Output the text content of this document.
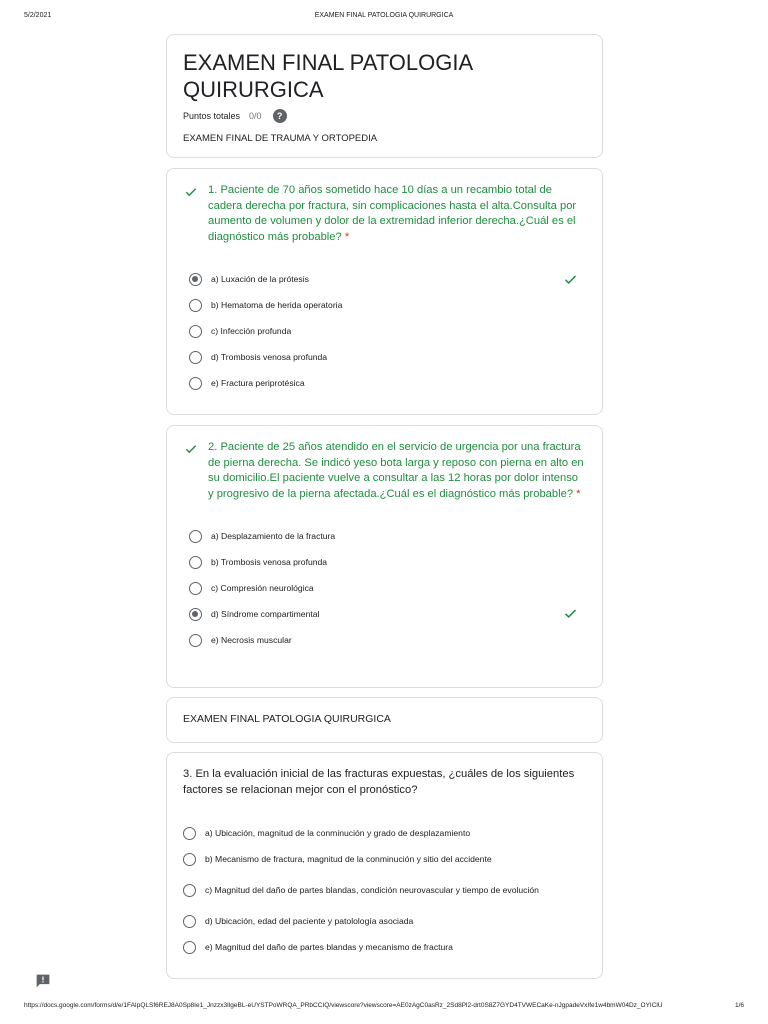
5/2/2021	EXAMEN FINAL PATOLOGIA QUIRURGICA
EXAMEN FINAL PATOLOGIA QUIRURGICA
Puntos totales 0/0	?
EXAMEN FINAL DE TRAUMA Y ORTOPEDIA
1. Paciente de 70 años sometido hace 10 días a un recambio total de cadera derecha por fractura, sin complicaciones hasta el alta.Consulta por aumento de volumen y dolor de la extremidad inferior derecha.¿Cuál es el diagnóstico más probable? *
a) Luxación de la prótesis
b) Hematoma de herida operatoria
c) Infección profunda
d) Trombosis venosa profunda
e) Fractura periprotésica
2. Paciente de 25 años atendido en el servicio de urgencia por una fractura de pierna derecha. Se indicó yeso bota larga y reposo con pierna en alto en su domicilio.El paciente vuelve a consultar a las 12 horas por dolor intenso y progresivo de la pierna afectada.¿Cuál es el diagnóstico más probable? *
a) Desplazamiento de la fractura
b) Trombosis venosa profunda
c) Compresión neurológica
d) Síndrome compartimental
e) Necrosis muscular
EXAMEN FINAL PATOLOGIA QUIRURGICA
3. En la evaluación inicial de las fracturas expuestas, ¿cuáles de los siguientes factores se relacionan mejor con el pronóstico?
a) Ubicación, magnitud de la conminución y grado de desplazamiento
b) Mecanismo de fractura, magnitud de la conminución y sitio del accidente
c) Magnitud del daño de partes blandas, condición neurovascular y tiempo de evolución
d) Ubicación, edad del paciente y patolología asociada
e) Magnitud del daño de partes blandas y mecanismo de fractura
https://docs.google.com/forms/d/e/1FAIpQLSf6REJ8A0Sp8Ie1_Jnzzx3IlgeBL-eUYSTPoWRQA_PRbCCIQ/viewscore?viewscore=AE0zAgC0asRz_2Sd8Pl2-drt0S8Z7GYD4TVWECaKe-nJgpadeVxIfe1w4bmW04Dz_OYIClU	1/6
